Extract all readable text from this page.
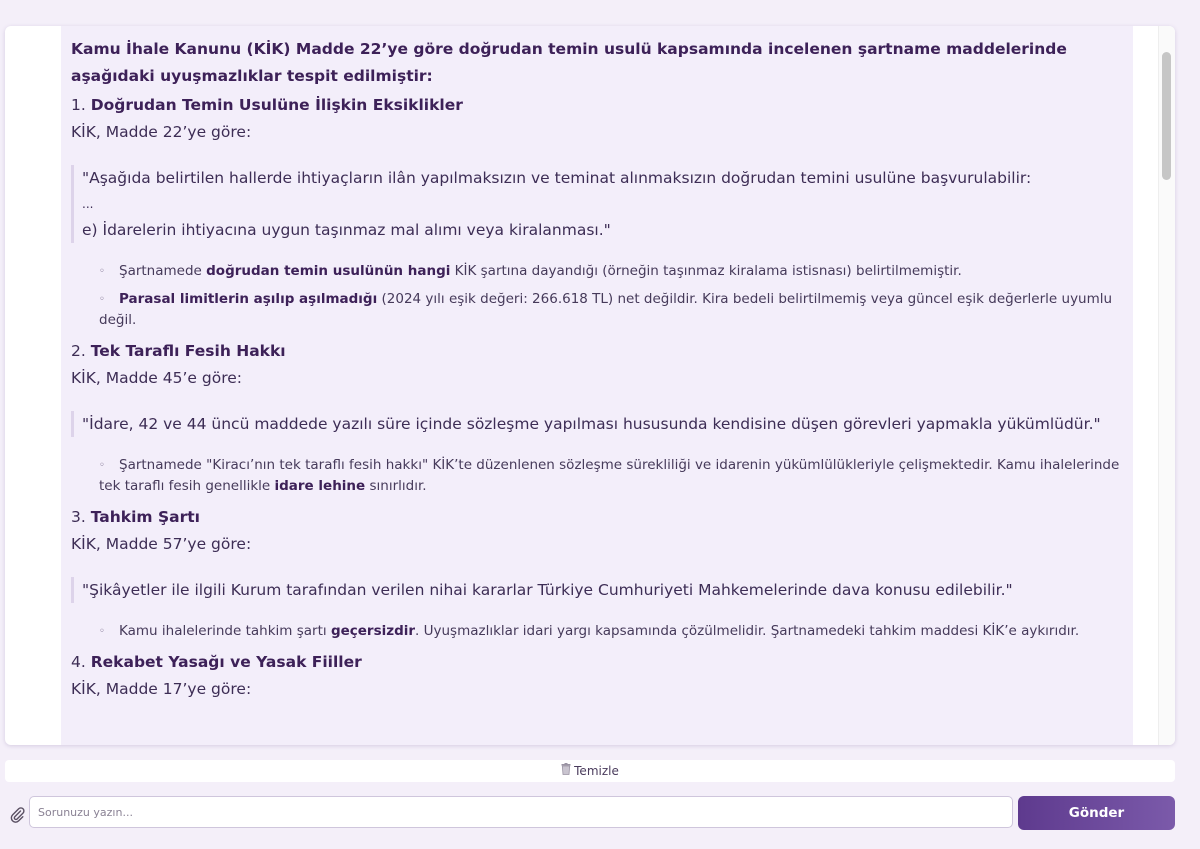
Kamu İhale Kanunu (KİK) Madde 22’ye göre doğrudan temin usulü kapsamında incelenen şartname maddelerinde aşağıdaki uyuşmazlıklar tespit edilmiştir:

1. Doğrudan Temin Usulüne İlişkin Eksiklikler

KİK, Madde 22’ye göre:

"Aşağıda belirtilen hallerde ihtiyaçların ilân yapılmaksızın ve teminat alınmaksızın doğrudan temini usulüne başvurulabilir:
...
e) İdarelerin ihtiyacına uygun taşınmaz mal alımı veya kiralanması."
◦ Şartnamede doğrudan temin usulünün hangi KİK şartına dayandığı (örneğin taşınmaz kiralama istisnası) belirtilmemiştir.
◦ Parasal limitlerin aşılıp aşılmadığı (2024 yılı eşik değeri: 266.618 TL) net değildir. Kira bedeli belirtilmemiş veya güncel eşik değerlerle uyumlu değil.

2. Tek Taraflı Fesih Hakkı

KİK, Madde 45’e göre:

"İdare, 42 ve 44 üncü maddede yazılı süre içinde sözleşme yapılması hususunda kendisine düşen görevleri yapmakla yükümlüdür."
◦ Şartnamede "Kiracı’nın tek taraflı fesih hakkı" KİK’te düzenlenen sözleşme sürekliliği ve idarenin yükümlülükleriyle çelişmektedir. Kamu ihalelerinde tek taraflı fesih genellikle idare lehine sınırlıdır.

3. Tahkim Şartı

KİK, Madde 57’ye göre:

"Şikâyetler ile ilgili Kurum tarafından verilen nihai kararlar Türkiye Cumhuriyeti Mahkemelerinde dava konusu edilebilir."
◦ Kamu ihalelerinde tahkim şartı geçersizdir. Uyuşmazlıklar idari yargı kapsamında çözülmelidir. Şartnamedeki tahkim maddesi KİK’e aykırıdır.

4. Rekabet Yasağı ve Yasak Fiiller

KİK, Madde 17’ye göre:

Temizle
Sorunuzu yazın...
Gönder
